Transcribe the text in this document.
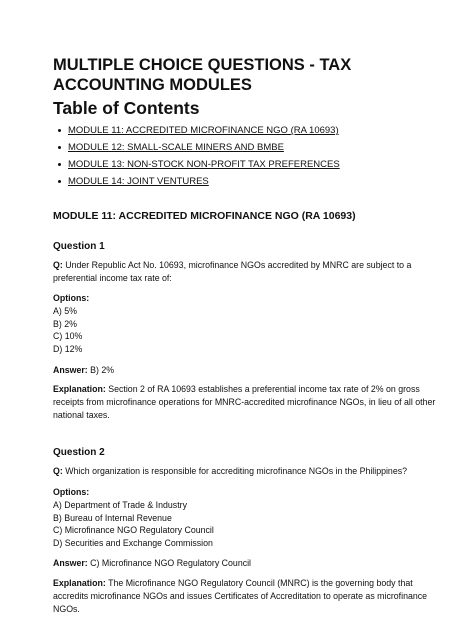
MULTIPLE CHOICE QUESTIONS - TAX ACCOUNTING MODULES
Table of Contents
MODULE 11: ACCREDITED MICROFINANCE NGO (RA 10693)
MODULE 12: SMALL-SCALE MINERS AND BMBE
MODULE 13: NON-STOCK NON-PROFIT TAX PREFERENCES
MODULE 14: JOINT VENTURES
MODULE 11: ACCREDITED MICROFINANCE NGO (RA 10693)
Question 1
Q: Under Republic Act No. 10693, microfinance NGOs accredited by MNRC are subject to a preferential income tax rate of:
Options:
A) 5%
B) 2%
C) 10%
D) 12%
Answer: B) 2%
Explanation: Section 2 of RA 10693 establishes a preferential income tax rate of 2% on gross receipts from microfinance operations for MNRC-accredited microfinance NGOs, in lieu of all other national taxes.
Question 2
Q: Which organization is responsible for accrediting microfinance NGOs in the Philippines?
Options:
A) Department of Trade & Industry
B) Bureau of Internal Revenue
C) Microfinance NGO Regulatory Council
D) Securities and Exchange Commission
Answer: C) Microfinance NGO Regulatory Council
Explanation: The Microfinance NGO Regulatory Council (MNRC) is the governing body that accredits microfinance NGOs and issues Certificates of Accreditation to operate as microfinance NGOs.
